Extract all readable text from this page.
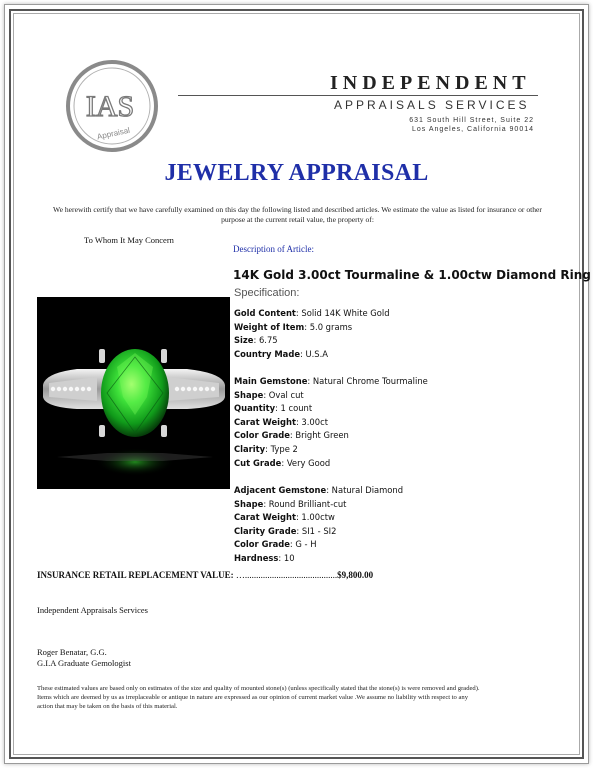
IAS
Appraisal
INDEPENDENT
APPRAISALS SERVICES
631 South Hill Street, Suite 22
Los Angeles, California 90014
JEWELRY APPRAISAL
We herewith certify that we have carefully examined on this day the following listed and described articles. We estimate the value as listed for insurance or other purpose at the current retail value, the property of:
To Whom It May Concern
Description of Article:
14K Gold 3.00ct Tourmaline & 1.00ctw Diamond Ring
Specification:
Gold Content: Solid 14K White Gold
Weight of Item: 5.0 grams
Size: 6.75
Country Made: U.S.A
Main Gemstone: Natural Chrome Tourmaline
Shape: Oval cut
Quantity: 1 count
Carat Weight: 3.00ct
Color Grade: Bright Green
Clarity: Type 2
Cut Grade: Very Good
Adjacent Gemstone: Natural Diamond
Shape: Round Brilliant-cut
Carat Weight: 1.00ctw
Clarity Grade: SI1 - SI2
Color Grade: G - H
Hardness: 10
INSURANCE RETAIL REPLACEMENT VALUE: ….........................................$9,800.00
Independent Appraisals Services
Roger Benatar, G.G.
G.I.A Graduate Gemologist
These estimated values are based only on estimates of the size and quality of mounted stone(s) (unless specifically stated that the stone(s) is were removed and graded). Items which are deemed by us as irreplaceable or antique in nature are expressed as our opinion of current market value .We assume no liability with respect to any action that may be taken on the basis of this material.
